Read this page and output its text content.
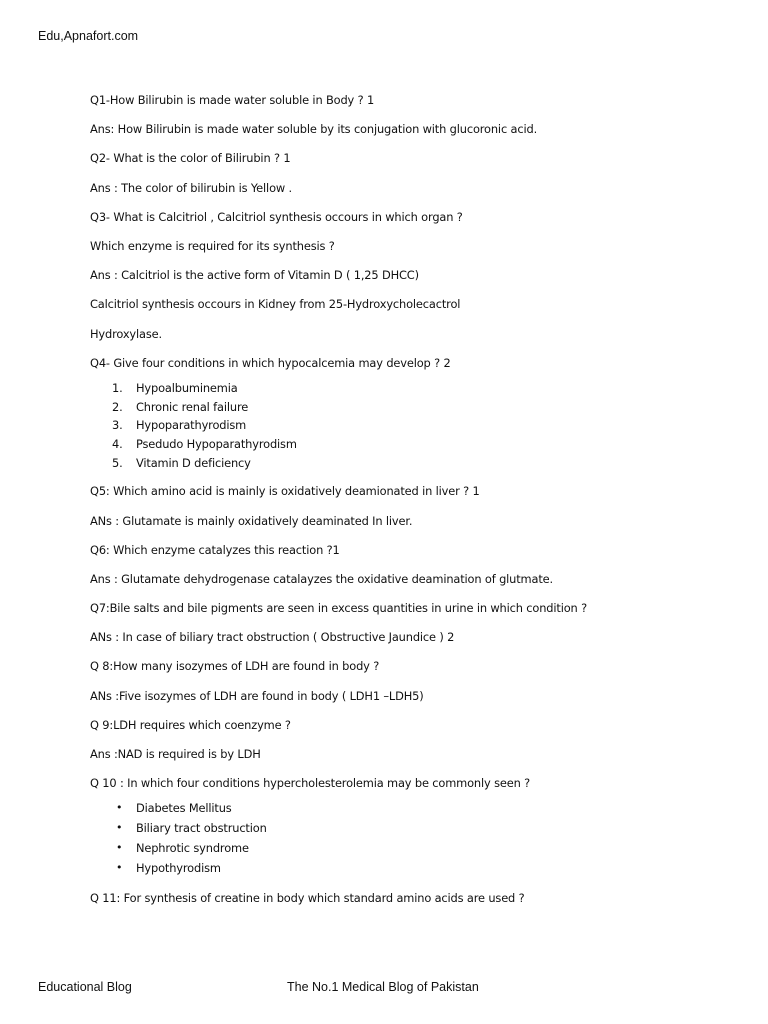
Edu,Apnafort.com
Q1-How Bilirubin is made water soluble in Body ? 1
Ans: How Bilirubin is made water soluble by its conjugation with glucoronic acid.
Q2- What is the color of Bilirubin ? 1
Ans : The color of bilirubin is Yellow .
Q3- What is Calcitriol , Calcitriol synthesis occours in which organ ?
Which enzyme is required for its synthesis ?
Ans : Calcitriol is the active form of Vitamin D ( 1,25 DHCC)
Calcitriol synthesis occours in Kidney from 25-Hydroxycholecactrol
Hydroxylase.
Q4- Give four conditions in which hypocalcemia may develop ? 2
1.	Hypoalbuminemia
2.	Chronic renal failure
3.	Hypoparathyrodism
4.	Psedudo Hypoparathyrodism
5.	Vitamin D deficiency
Q5: Which amino acid is mainly is oxidatively deamionated in liver ? 1
ANs : Glutamate is mainly oxidatively deaminated In liver.
Q6: Which enzyme catalyzes this reaction ?1
Ans : Glutamate dehydrogenase catalayzes the oxidative deamination of glutmate.
Q7:Bile salts and bile pigments are seen in excess quantities in urine in which condition ?
ANs : In case of biliary tract obstruction ( Obstructive Jaundice ) 2
Q 8:How many isozymes of LDH are found in body ?
ANs :Five isozymes of LDH are found in body ( LDH1 –LDH5)
Q 9:LDH requires which coenzyme ?
Ans :NAD is required is by LDH
Q 10 : In which four conditions hypercholesterolemia may be commonly seen ?
•	Diabetes Mellitus
•	Biliary tract obstruction
•	Nephrotic syndrome
•	Hypothyrodism
Q 11: For synthesis of creatine in body which standard amino acids are used ?
Educational Blog	The No.1 Medical Blog of Pakistan
